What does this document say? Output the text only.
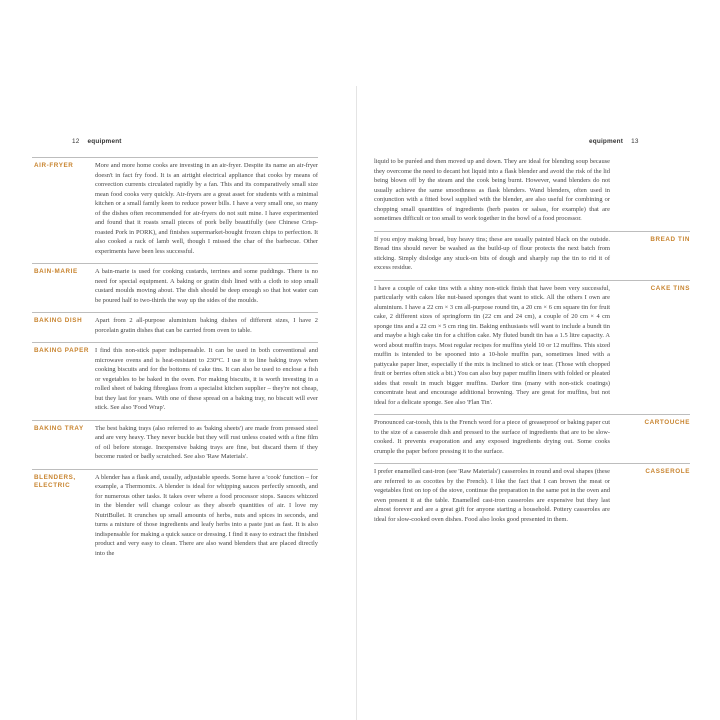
12 equipment
AIR-FRYER	More and more home cooks are investing in an air-fryer. Despite its name an air-fryer doesn't in fact fry food. It is an airtight electrical appliance that cooks by means of convection currents circulated rapidly by a fan. This and its comparatively small size mean food cooks very quickly. Air-fryers are a great asset for students with a minimal kitchen or a small family keen to reduce power bills. I have a very small one, so many of the dishes often recommended for air-fryers do not suit mine. I have experimented and found that it roasts small pieces of pork belly beautifully (see Chinese Crisp-roasted Pork in PORK), and finishes supermarket-bought frozen chips to perfection. It also cooked a rack of lamb well, though I missed the char of the barbecue. Other experiments have been less successful.
BAIN-MARIE	A bain-marie is used for cooking custards, terrines and some puddings. There is no need for special equipment. A baking or gratin dish lined with a cloth to stop small custard moulds moving about. The dish should be deep enough so that hot water can be poured half to two-thirds the way up the sides of the moulds.
BAKING DISH	Apart from 2 all-purpose aluminium baking dishes of different sizes, I have 2 porcelain gratin dishes that can be carried from oven to table.
BAKING PAPER I find this non-stick paper indispensable. It can be used in both conventional and microwave ovens and is heat-resistant to 230°C. I use it to line baking trays when cooking biscuits and for the bottoms of cake tins. It can also be used to enclose a fish or vegetables to be baked in the oven. For making biscuits, it is worth investing in a rolled sheet of baking fibreglass from a specialist kitchen supplier – they're not cheap, but they last for years. With one of these spread on a baking tray, no biscuit will ever stick. See also 'Food Wrap'.
BAKING TRAY	The best baking trays (also referred to as 'baking sheets') are made from pressed steel and are very heavy. They never buckle but they will rust unless coated with a fine film of oil before storage. Inexpensive baking trays are fine, but discard them if they become rusted or badly scratched. See also 'Raw Materials'.
BLENDERS, ELECTRIC
A blender has a flask and, usually, adjustable speeds. Some have a 'cook' function – for example, a Thermomix. A blender is ideal for whipping sauces perfectly smooth, and for numerous other tasks. It takes over where a food processor stops. Sauces whizzed in the blender will change colour as they absorb quantities of air. I love my NutriBullet. It crunches up small amounts of herbs, nuts and spices in seconds, and turns a mixture of those ingredients and leafy herbs into a paste just as fast. It is also indispensable for making a quick sauce or dressing. I find it easy to extract the finished product and very easy to clean. There are also wand blenders that are placed directly into the
equipment 13
liquid to be puréed and then moved up and down. They are ideal for blending soup because they overcome the need to decant hot liquid into a flask blender and avoid the risk of the lid being blown off by the steam and the cook being burnt. However, wand blenders do not usually achieve the same smoothness as flask blenders. Wand blenders, often used in conjunction with a fitted bowl supplied with the blender, are also useful for combining or chopping small quantities of ingredients (herb pastes or salsas, for example) that are sometimes difficult or too small to work together in the bowl of a food processor.
BREAD TIN
If you enjoy making bread, buy heavy tins; these are usually painted black on the outside. Bread tins should never be washed as the build-up of flour protects the next batch from sticking. Simply dislodge any stuck-on bits of dough and sharply rap the tin to rid it of excess residue.
CAKE TINS
I have a couple of cake tins with a shiny non-stick finish that have been very successful, particularly with cakes like nut-based sponges that want to stick. All the others I own are aluminium. I have a 22 cm × 3 cm all-purpose round tin, a 20 cm × 6 cm square tin for fruit cake, 2 different sizes of springform tin (22 cm and 24 cm), a couple of 20 cm × 4 cm sponge tins and a 22 cm × 5 cm ring tin. Baking enthusiasts will want to include a bundt tin and maybe a high cake tin for a chiffon cake. My fluted bundt tin has a 1.5 litre capacity. A word about muffin trays. Most regular recipes for muffins yield 10 or 12 muffins. This sized muffin is intended to be spooned into a 10-hole muffin pan, sometimes lined with a pattycake paper liner, especially if the mix is inclined to stick or tear. (Those with chopped fruit or berries often stick a bit.) You can also buy paper muffin liners with folded or pleated sides that result in much bigger muffins. Darker tins (many with non-stick coatings) concentrate heat and encourage additional browning. They are great for muffins, but not ideal for a delicate sponge. See also 'Flan Tin'.
CARTOUCHE
Pronounced car-toosh, this is the French word for a piece of greaseproof or baking paper cut to the size of a casserole dish and pressed to the surface of ingredients that are to be slow-cooked. It prevents evaporation and any exposed ingredients drying out. Some cooks crumple the paper before pressing it to the surface.
CASSEROLE
I prefer enamelled cast-iron (see 'Raw Materials') casseroles in round and oval shapes (these are referred to as cocottes by the French). I like the fact that I can brown the meat or vegetables first on top of the stove, continue the preparation in the same pot in the oven and even present it at the table. Enamelled cast-iron casseroles are expensive but they last almost forever and are a great gift for anyone starting a household. Pottery casseroles are ideal for slow-cooked oven dishes. Food also looks good presented in them.
